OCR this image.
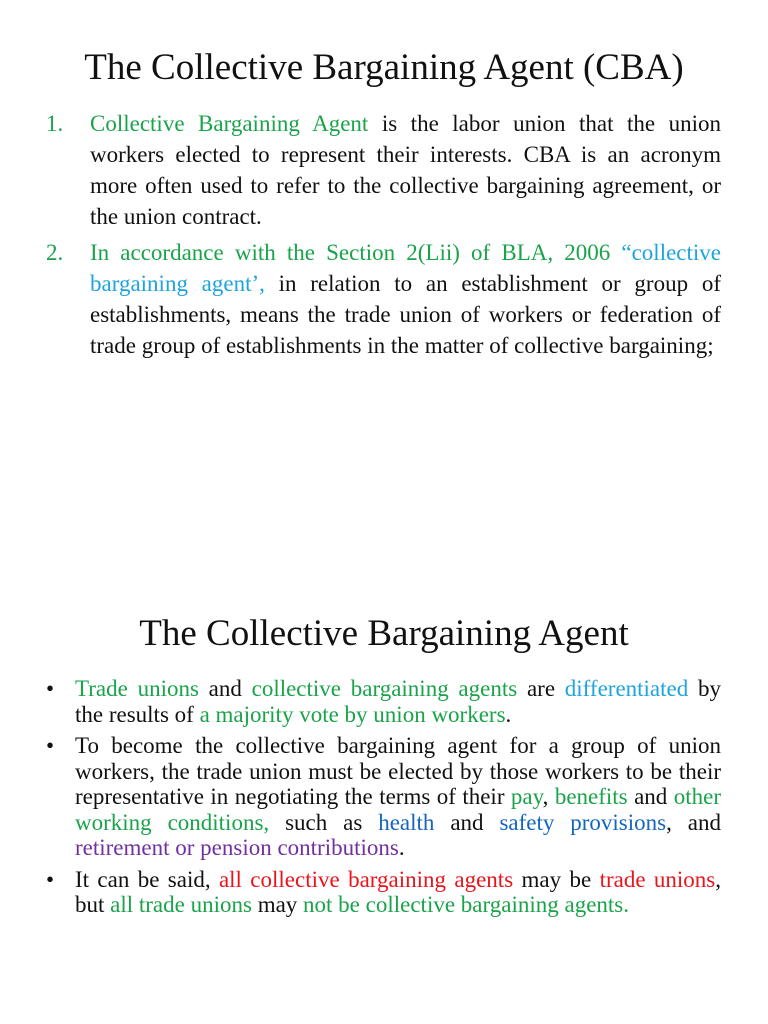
The Collective Bargaining Agent (CBA)
1. Collective Bargaining Agent is the labor union that the union workers elected to represent their interests. CBA is an acronym more often used to refer to the collective bargaining agreement, or the union contract.
2. In accordance with the Section 2(Lii) of BLA, 2006 “collective bargaining agent’, in relation to an establishment or group of establishments, means the trade union of workers or federation of trade group of establishments in the matter of collective bargaining;
The Collective Bargaining Agent
• Trade unions and collective bargaining agents are differentiated by the results of a majority vote by union workers.
• To become the collective bargaining agent for a group of union workers, the trade union must be elected by those workers to be their representative in negotiating the terms of their pay, benefits and other working conditions, such as health and safety provisions, and retirement or pension contributions.
• It can be said, all collective bargaining agents may be trade unions, but all trade unions may not be collective bargaining agents.
